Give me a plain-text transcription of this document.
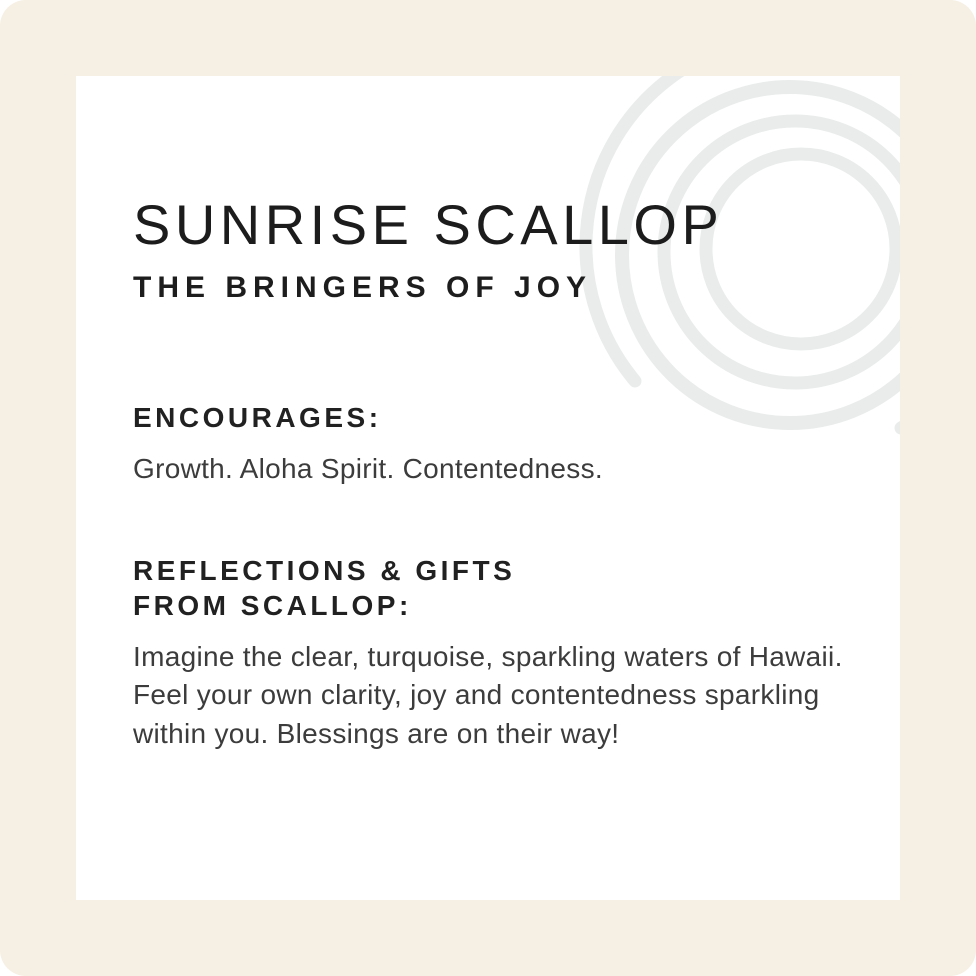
SUNRISE SCALLOP
THE BRINGERS OF JOY
ENCOURAGES:

Growth. Aloha Spirit. Contentedness.

REFLECTIONS & GIFTS
FROM SCALLOP:

Imagine the clear, turquoise, sparkling waters of Hawaii.
Feel your own clarity, joy and contentedness sparkling
within you. Blessings are on their way!
